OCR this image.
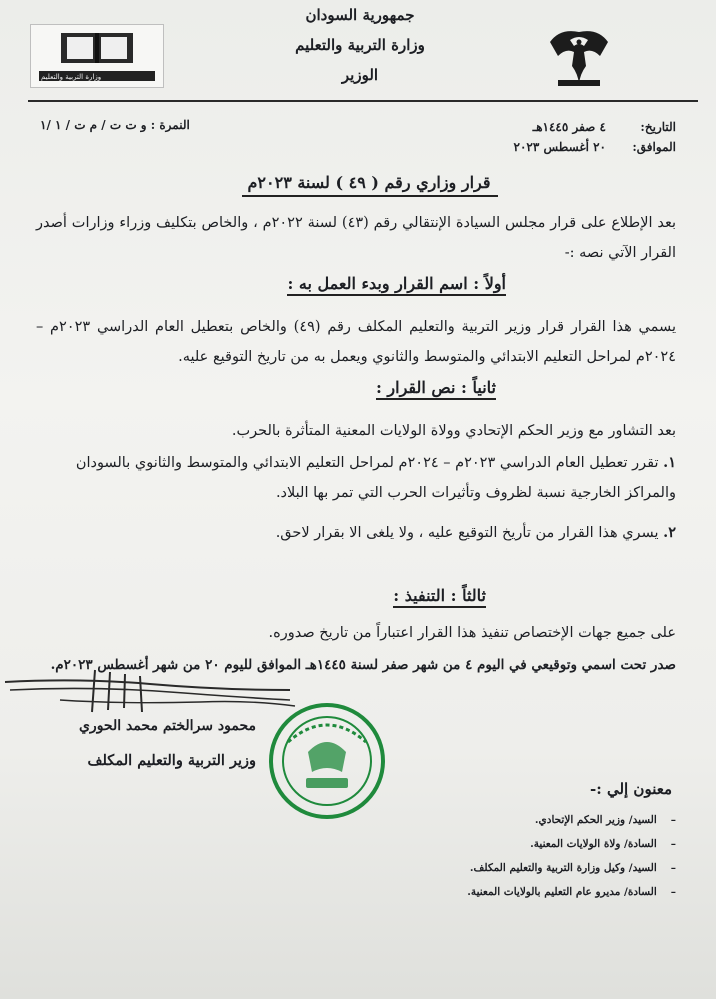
جمهورية السودان
وزارة التربية والتعليم
الوزير
وزارة التربية والتعليم
النمرة : و ت ت / م ت / ١ /١	التاريخ:
٤ صفر ١٤٤٥هـ
الموافق:
٢٠ أغسطس ٢٠٢٣
قرار وزاري رقم ( ٤٩ ) لسنة ٢٠٢٣م
بعد الإطلاع على قرار مجلس السيادة الإنتقالي رقم (٤٣) لسنة ٢٠٢٢م ، والخاص بتكليف وزراء وزارات أصدر القرار الآتي نصه :-
أولاً : اسم القرار وبدء العمل به :
يسمي هذا القرار قرار وزير التربية والتعليم المكلف رقم (٤٩) والخاص بتعطيل العام الدراسي ٢٠٢٣م – ٢٠٢٤م لمراحل التعليم الابتدائي والمتوسط والثانوي ويعمل به من تاريخ التوقيع عليه.
ثانياً : نص القرار :
بعد التشاور مع وزير الحكم الإتحادي وولاة الولايات المعنية المتأثرة بالحرب.
١. تقرر تعطيل العام الدراسي ٢٠٢٣م – ٢٠٢٤م لمراحل التعليم الابتدائي والمتوسط والثانوي بالسودان والمراكز الخارجية نسبة لظروف وتأثيرات الحرب التي تمر بها البلاد.
٢. يسري هذا القرار من تأريخ التوقيع عليه ، ولا يلغى الا بقرار لاحق.
ثالثاً : التنفيذ :
على جميع جهات الإختصاص تنفيذ هذا القرار اعتباراً من تاريخ صدوره.
صدر تحت اسمي وتوقيعي في اليوم ٤ من شهر صفر لسنة ١٤٤٥هـ الموافق لليوم ٢٠ من شهر أغسطس ٢٠٢٣م.
محمود سرالختم محمد الحوري
وزير التربية والتعليم المكلف
معنون إلي :-
–السيد/ وزير الحكم الإتحادي.
–السادة/ ولاة الولايات المعنية.
–السيد/ وكيل وزارة التربية والتعليم المكلف.
–السادة/ مديرو عام التعليم بالولايات المعنية.
